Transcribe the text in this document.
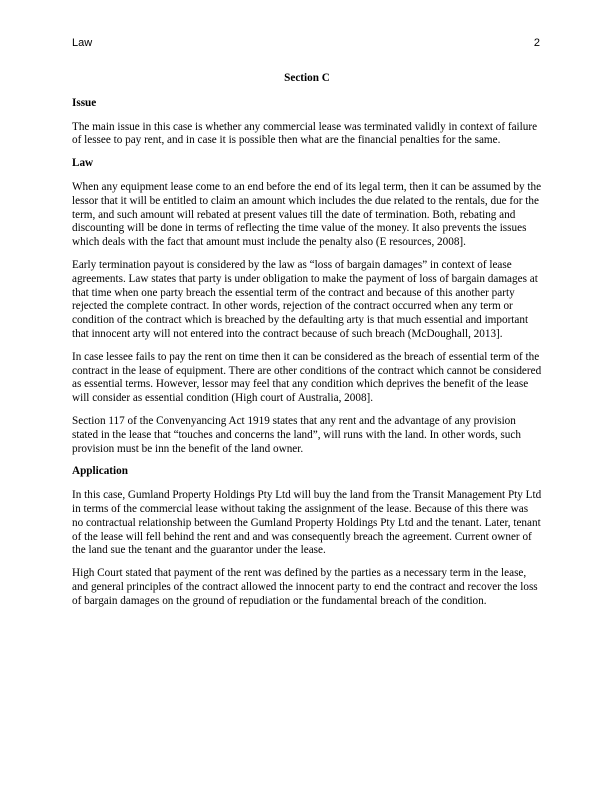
Law	2
Section C
Issue

The main issue in this case is whether any commercial lease was terminated validly in context of failure of lessee to pay rent, and in case it is possible then what are the financial penalties for the same.

Law

When any equipment lease come to an end before the end of its legal term, then it can be assumed by the lessor that it will be entitled to claim an amount which includes the due related to the rentals, due for the term, and such amount will rebated at present values till the date of termination. Both, rebating and discounting will be done in terms of reflecting the time value of the money. It also prevents the issues which deals with the fact that amount must include the penalty also (E resources, 2008].

Early termination payout is considered by the law as “loss of bargain damages” in context of lease agreements. Law states that party is under obligation to make the payment of loss of bargain damages at that time when one party breach the essential term of the contract and because of this another party rejected the complete contract. In other words, rejection of the contract occurred when any term or condition of the contract which is breached by the defaulting arty is that much essential and important that innocent arty will not entered into the contract because of such breach (McDoughall, 2013].

In case lessee fails to pay the rent on time then it can be considered as the breach of essential term of the contract in the lease of equipment. There are other conditions of the contract which cannot be considered as essential terms. However, lessor may feel that any condition which deprives the benefit of the lease will consider as essential condition (High court of Australia, 2008].

Section 117 of the Convenyancing Act 1919 states that any rent and the advantage of any provision stated in the lease that “touches and concerns the land”, will runs with the land. In other words, such provision must be inn the benefit of the land owner.

Application

In this case, Gumland Property Holdings Pty Ltd will buy the land from the Transit Management Pty Ltd in terms of the commercial lease without taking the assignment of the lease. Because of this there was no contractual relationship between the Gumland Property Holdings Pty Ltd and the tenant. Later, tenant of the lease will fell behind the rent and and was consequently breach the agreement. Current owner of the land sue the tenant and the guarantor under the lease.

High Court stated that payment of the rent was defined by the parties as a necessary term in the lease, and general principles of the contract allowed the innocent party to end the contract and recover the loss of bargain damages on the ground of repudiation or the fundamental breach of the condition.
